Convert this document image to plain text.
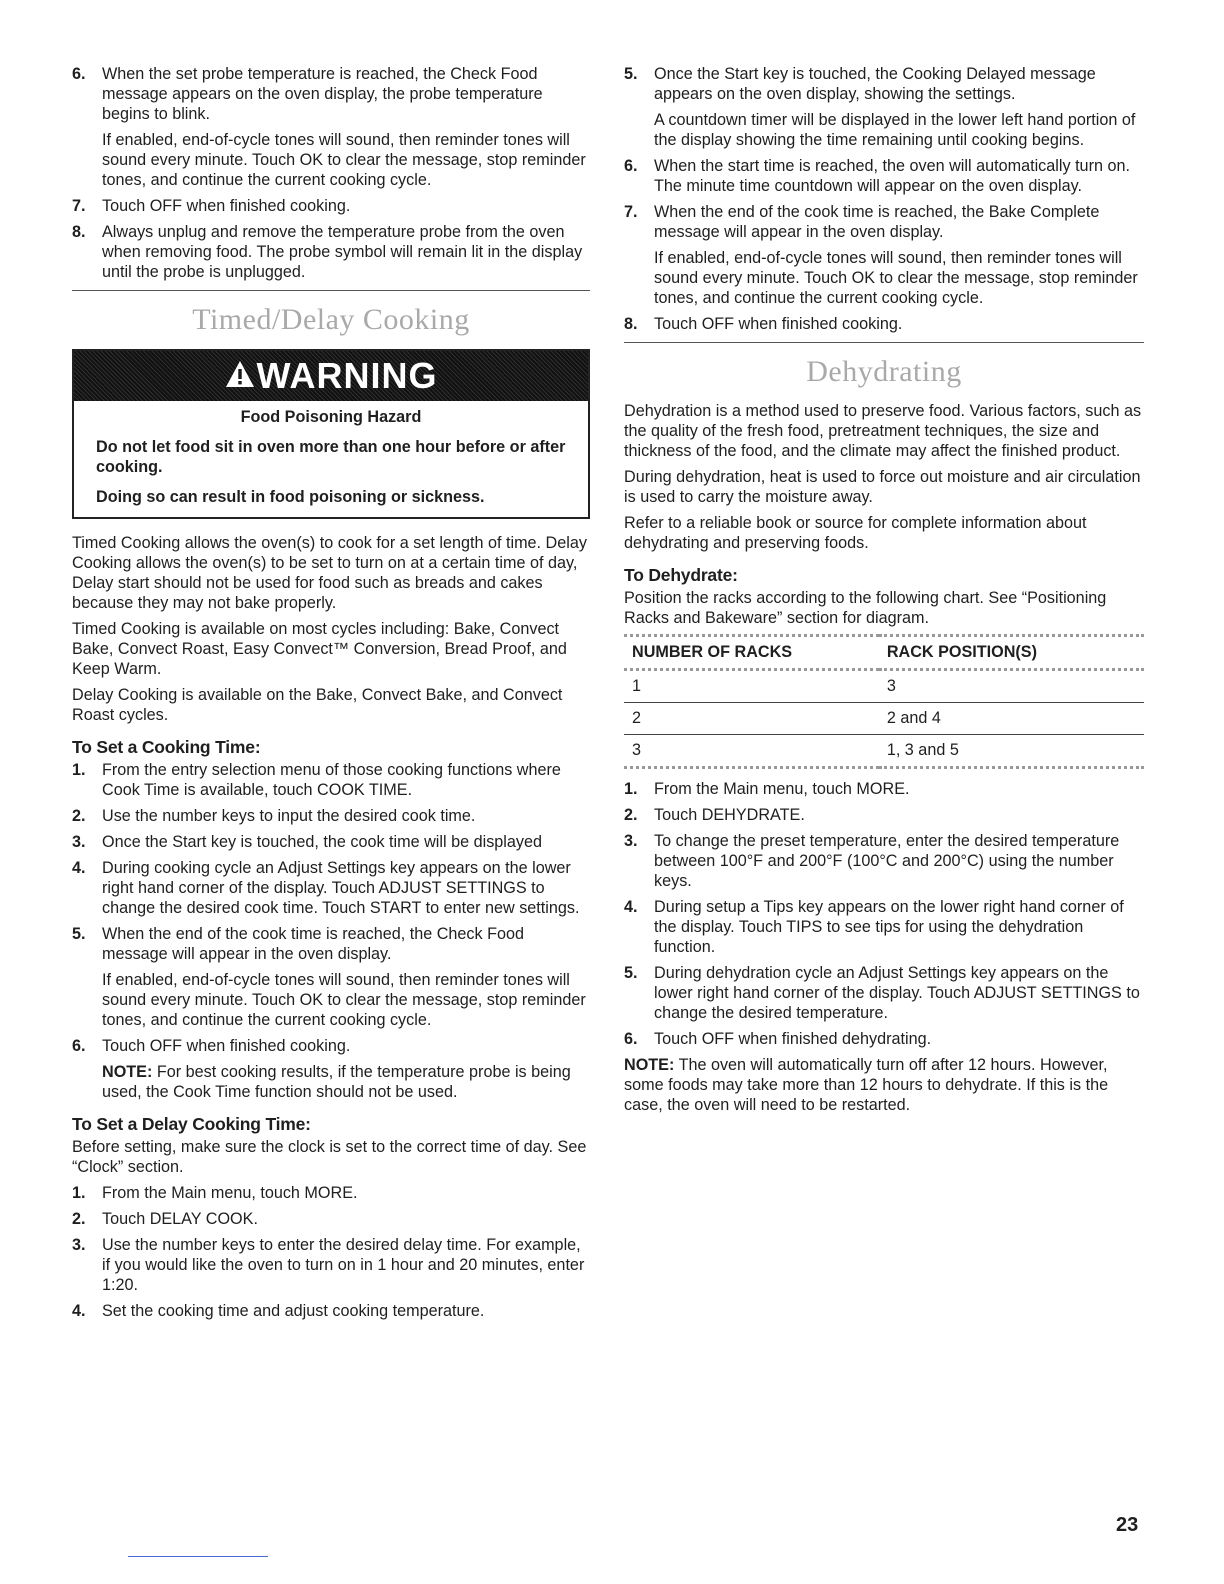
6. When the set probe temperature is reached, the Check Food message appears on the oven display, the probe temperature begins to blink.

If enabled, end-of-cycle tones will sound, then reminder tones will sound every minute. Touch OK to clear the message, stop reminder tones, and continue the current cooking cycle.

7. Touch OFF when finished cooking.

8. Always unplug and remove the temperature probe from the oven when removing food. The probe symbol will remain lit in the display until the probe is unplugged.

Timed/Delay Cooking
WARNING
Food Poisoning Hazard

Do not let food sit in oven more than one hour before or after cooking.

Doing so can result in food poisoning or sickness.

Timed Cooking allows the oven(s) to cook for a set length of time. Delay Cooking allows the oven(s) to be set to turn on at a certain time of day, Delay start should not be used for food such as breads and cakes because they may not bake properly.

Timed Cooking is available on most cycles including: Bake, Convect Bake, Convect Roast, Easy Convect™ Conversion, Bread Proof, and Keep Warm.

Delay Cooking is available on the Bake, Convect Bake, and Convect Roast cycles.

To Set a Cooking Time:
1. From the entry selection menu of those cooking functions where Cook Time is available, touch COOK TIME.

2. Use the number keys to input the desired cook time.

3. Once the Start key is touched, the cook time will be displayed

4. During cooking cycle an Adjust Settings key appears on the lower right hand corner of the display. Touch ADJUST SETTINGS to change the desired cook time. Touch START to enter new settings.

5. When the end of the cook time is reached, the Check Food message will appear in the oven display.

If enabled, end-of-cycle tones will sound, then reminder tones will sound every minute. Touch OK to clear the message, stop reminder tones, and continue the current cooking cycle.

6. Touch OFF when finished cooking.

NOTE: For best cooking results, if the temperature probe is being used, the Cook Time function should not be used.
To Set a Delay Cooking Time:
Before setting, make sure the clock is set to the correct time of day. See “Clock” section.
1. From the Main menu, touch MORE.

2. Touch DELAY COOK.

3. Use the number keys to enter the desired delay time. For example, if you would like the oven to turn on in 1 hour and 20 minutes, enter 1:20.

4. Set the cooking time and adjust cooking temperature.

5. Once the Start key is touched, the Cooking Delayed message appears on the oven display, showing the settings.

A countdown timer will be displayed in the lower left hand portion of the display showing the time remaining until cooking begins.

6. When the start time is reached, the oven will automatically turn on. The minute time countdown will appear on the oven display.

7. When the end of the cook time is reached, the Bake Complete message will appear in the oven display.

If enabled, end-of-cycle tones will sound, then reminder tones will sound every minute. Touch OK to clear the message, stop reminder tones, and continue the current cooking cycle.

8. Touch OFF when finished cooking.

Dehydrating

Dehydration is a method used to preserve food. Various factors, such as the quality of the fresh food, pretreatment techniques, the size and thickness of the food, and the climate may affect the finished product.

During dehydration, heat is used to force out moisture and air circulation is used to carry the moisture away.

Refer to a reliable book or source for complete information about dehydrating and preserving foods.

To Dehydrate:
Position the racks according to the following chart. See “Positioning Racks and Bakeware” section for diagram.
NUMBER OF RACKS	RACK POSITION(S)
1	3
2	2 and 4
3	1, 3 and 5
1. From the Main menu, touch MORE.

2. Touch DEHYDRATE.

3. To change the preset temperature, enter the desired temperature between 100°F and 200°F (100°C and 200°C) using the number keys.

4. During setup a Tips key appears on the lower right hand corner of the display. Touch TIPS to see tips for using the dehydration function.

5. During dehydration cycle an Adjust Settings key appears on the lower right hand corner of the display. Touch ADJUST SETTINGS to change the desired temperature.

6. Touch OFF when finished dehydrating.

NOTE: The oven will automatically turn off after 12 hours. However, some foods may take more than 12 hours to dehydrate. If this is the case, the oven will need to be restarted.
23
